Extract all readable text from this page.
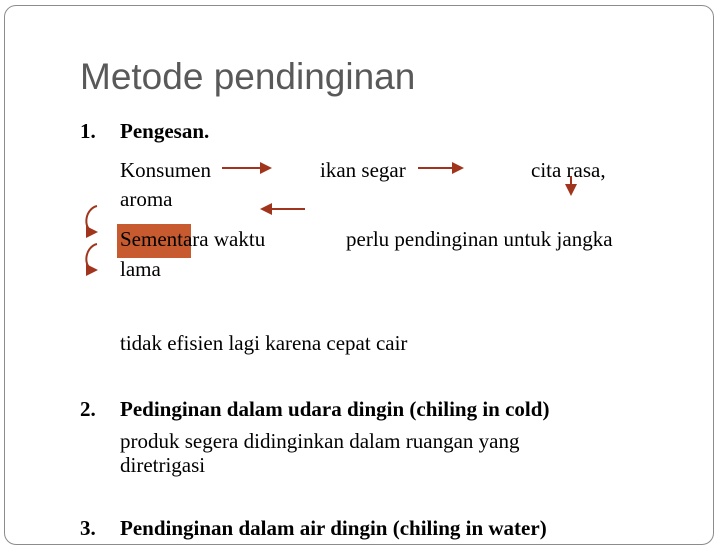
Metode pendinginan
1. Pengesan.
Konsumen	ikan segar	cita rasa,
aroma
Sementara waktu	perlu pendinginan untuk jangka
lama
tidak efisien lagi karena cepat cair
2. Pedinginan dalam udara dingin (chiling in cold)
produk segera didinginkan dalam ruangan yang
diretrigasi
3. Pendinginan dalam air dingin (chiling in water)
